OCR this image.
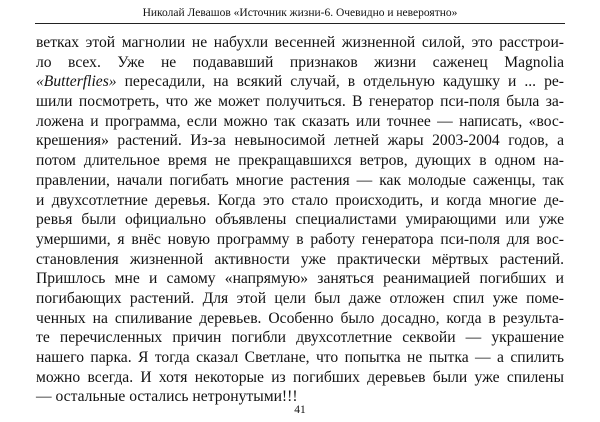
Николай Левашов «Источник жизни-6. Очевидно и невероятно»
ветках этой магнолии не набухли весенней жизненной силой, это расстрои-
ло всех. Уже не подававший признаков жизни саженец Magnolia
«Butterflies» пересадили, на всякий случай, в отдельную кадушку и ... ре-
шили посмотреть, что же может получиться. В генератор пси-поля была за-
ложена и программа, если можно так сказать или точнее — написать, «вос-
крешения» растений. Из-за невыносимой летней жары 2003-2004 годов, а
потом длительное время не прекращавшихся ветров, дующих в одном на-
правлении, начали погибать многие растения — как молодые саженцы, так
и двухсотлетние деревья. Когда это стало происходить, и когда многие де-
ревья были официально объявлены специалистами умирающими или уже
умершими, я внёс новую программу в работу генератора пси-поля для вос-
становления жизненной активности уже практически мёртвых растений.
Пришлось мне и самому «напрямую» заняться реанимацией погибших и
погибающих растений. Для этой цели был даже отложен спил уже поме-
ченных на спиливание деревьев. Особенно было досадно, когда в результа-
те перечисленных причин погибли двухсотлетние секвойи — украшение
нашего парка. Я тогда сказал Светлане, что попытка не пытка — а спилить
можно всегда. И хотя некоторые из погибших деревьев были уже спилены
— остальные остались нетронутыми!!!
41
